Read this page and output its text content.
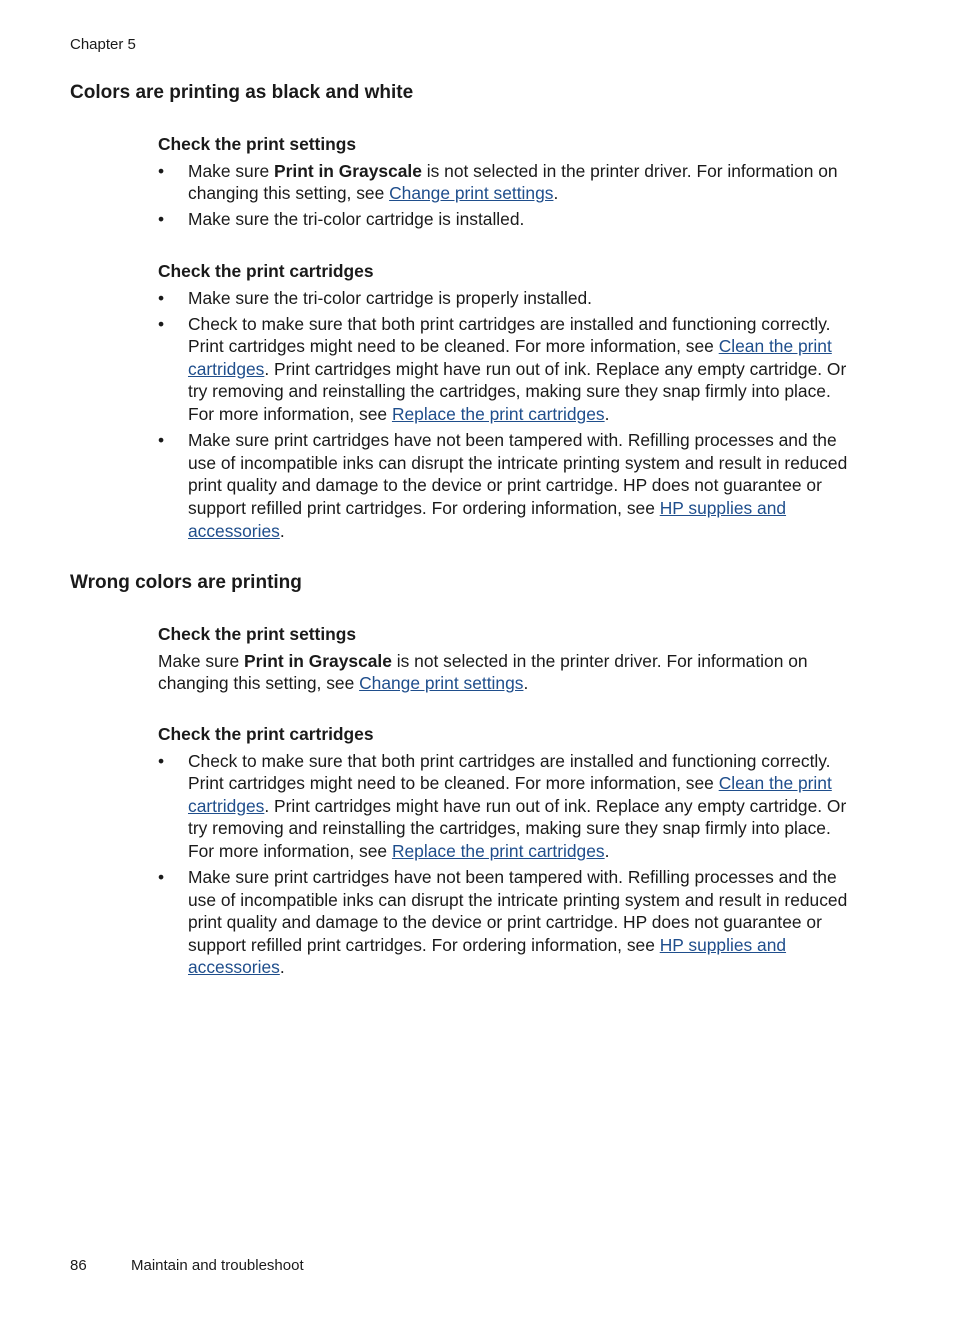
Chapter 5
Colors are printing as black and white

Check the print settings

• Make sure Print in Grayscale is not selected in the printer driver. For information on changing this setting, see Change print settings.
• Make sure the tri-color cartridge is installed.

Check the print cartridges

• Make sure the tri-color cartridge is properly installed.
• Check to make sure that both print cartridges are installed and functioning correctly. Print cartridges might need to be cleaned. For more information, see Clean the print cartridges. Print cartridges might have run out of ink. Replace any empty cartridge. Or try removing and reinstalling the cartridges, making sure they snap firmly into place. For more information, see Replace the print cartridges.
• Make sure print cartridges have not been tampered with. Refilling processes and the use of incompatible inks can disrupt the intricate printing system and result in reduced print quality and damage to the device or print cartridge. HP does not guarantee or support refilled print cartridges. For ordering information, see HP supplies and accessories.
Wrong colors are printing

Check the print settings

Make sure Print in Grayscale is not selected in the printer driver. For information on changing this setting, see Change print settings.

Check the print cartridges

• Check to make sure that both print cartridges are installed and functioning correctly. Print cartridges might need to be cleaned. For more information, see Clean the print cartridges. Print cartridges might have run out of ink. Replace any empty cartridge. Or try removing and reinstalling the cartridges, making sure they snap firmly into place. For more information, see Replace the print cartridges.
• Make sure print cartridges have not been tampered with. Refilling processes and the use of incompatible inks can disrupt the intricate printing system and result in reduced print quality and damage to the device or print cartridge. HP does not guarantee or support refilled print cartridges. For ordering information, see HP supplies and accessories.
86	Maintain and troubleshoot
